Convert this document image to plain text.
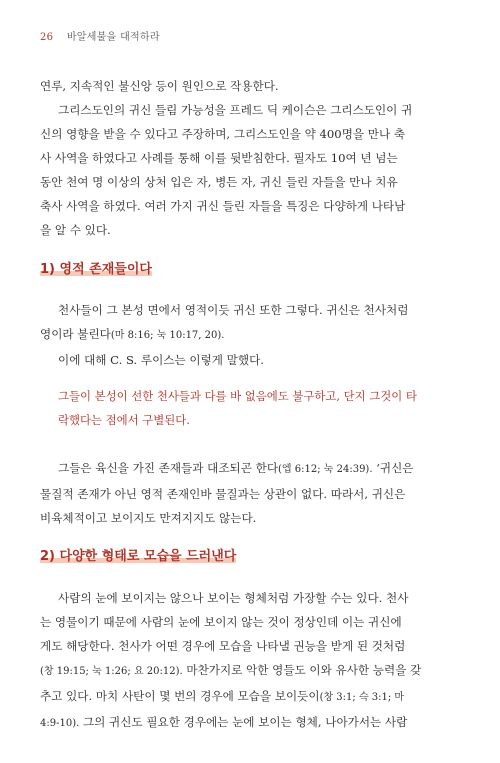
26 바알세불을 대적하라

연루, 지속적인 불신앙 등이 원인으로 작용한다.

그리스도인의 귀신 들림 가능성을 프레드 딕 케이슨은 그리스도인이 귀

신의 영향을 받을 수 있다고 주장하며, 그리스도인을 약 400명을 만나 축

사 사역을 하였다고 사례를 통해 이를 뒷받침한다. 필자도 10여 년 넘는

동안 천여 명 이상의 상처 입은 자, 병든 자, 귀신 들린 자들을 만나 치유

축사 사역을 하였다. 여러 가지 귀신 들린 자들을 특징은 다양하게 나타남

을 알 수 있다.

1) 영적 존재들이다

천사들이 그 본성 면에서 영적이듯 귀신 또한 그렇다. 귀신은 천사처럼

영이라 불린다(마 8:16; 눅 10:17, 20).

이에 대해 C. S. 루이스는 이렇게 말했다.

그들이 본성이 선한 천사들과 다를 바 없음에도 불구하고, 단지 그것이 타

락했다는 점에서 구별된다.

그들은 육신을 가진 존재들과 대조되곤 한다(엡 6:12; 눅 24:39). ‘귀신은

물질적 존재가 아닌 영적 존재인바 물질과는 상관이 없다. 따라서, 귀신은

비육체적이고 보이지도 만져지지도 않는다.

2) 다양한 형태로 모습을 드러낸다

사람의 눈에 보이지는 않으나 보이는 형체처럼 가장할 수는 있다. 천사

는 영물이기 때문에 사람의 눈에 보이지 않는 것이 정상인데 이는 귀신에

게도 해당한다. 천사가 어떤 경우에 모습을 나타낼 권능을 받게 된 것처럼

(창 19:15; 눅 1:26; 요 20:12). 마찬가지로 악한 영들도 이와 유사한 능력을 갖

추고 있다. 마치 사탄이 몇 번의 경우에 모습을 보이듯이(창 3:1; 슥 3:1; 마

4:9-10). 그의 귀신도 필요한 경우에는 눈에 보이는 형체, 나아가서는 사람
